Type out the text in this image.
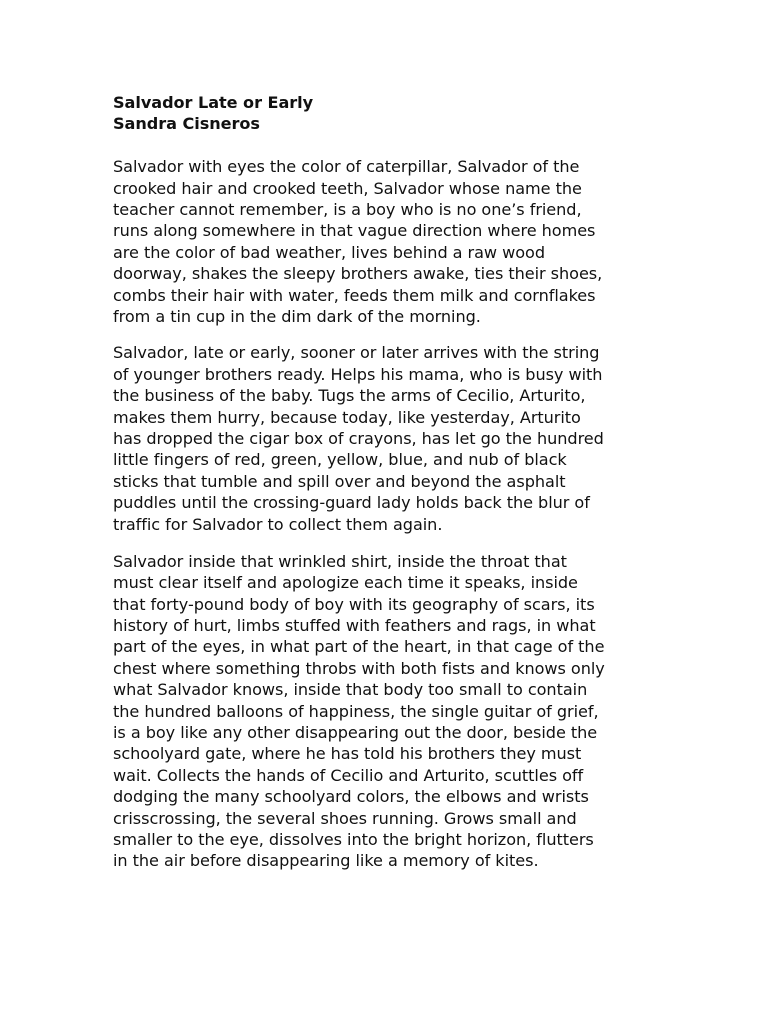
Salvador Late or Early
Sandra Cisneros
Salvador with eyes the color of caterpillar, Salvador of the
crooked hair and crooked teeth, Salvador whose name the
teacher cannot remember, is a boy who is no one’s friend,
runs along somewhere in that vague direction where homes
are the color of bad weather, lives behind a raw wood
doorway, shakes the sleepy brothers awake, ties their shoes,
combs their hair with water, feeds them milk and cornflakes
from a tin cup in the dim dark of the morning.
Salvador, late or early, sooner or later arrives with the string
of younger brothers ready. Helps his mama, who is busy with
the business of the baby. Tugs the arms of Cecilio, Arturito,
makes them hurry, because today, like yesterday, Arturito
has dropped the cigar box of crayons, has let go the hundred
little fingers of red, green, yellow, blue, and nub of black
sticks that tumble and spill over and beyond the asphalt
puddles until the crossing-guard lady holds back the blur of
traffic for Salvador to collect them again.
Salvador inside that wrinkled shirt, inside the throat that
must clear itself and apologize each time it speaks, inside
that forty-pound body of boy with its geography of scars, its
history of hurt, limbs stuffed with feathers and rags, in what
part of the eyes, in what part of the heart, in that cage of the
chest where something throbs with both fists and knows only
what Salvador knows, inside that body too small to contain
the hundred balloons of happiness, the single guitar of grief,
is a boy like any other disappearing out the door, beside the
schoolyard gate, where he has told his brothers they must
wait. Collects the hands of Cecilio and Arturito, scuttles off
dodging the many schoolyard colors, the elbows and wrists
crisscrossing, the several shoes running. Grows small and
smaller to the eye, dissolves into the bright horizon, flutters
in the air before disappearing like a memory of kites.
